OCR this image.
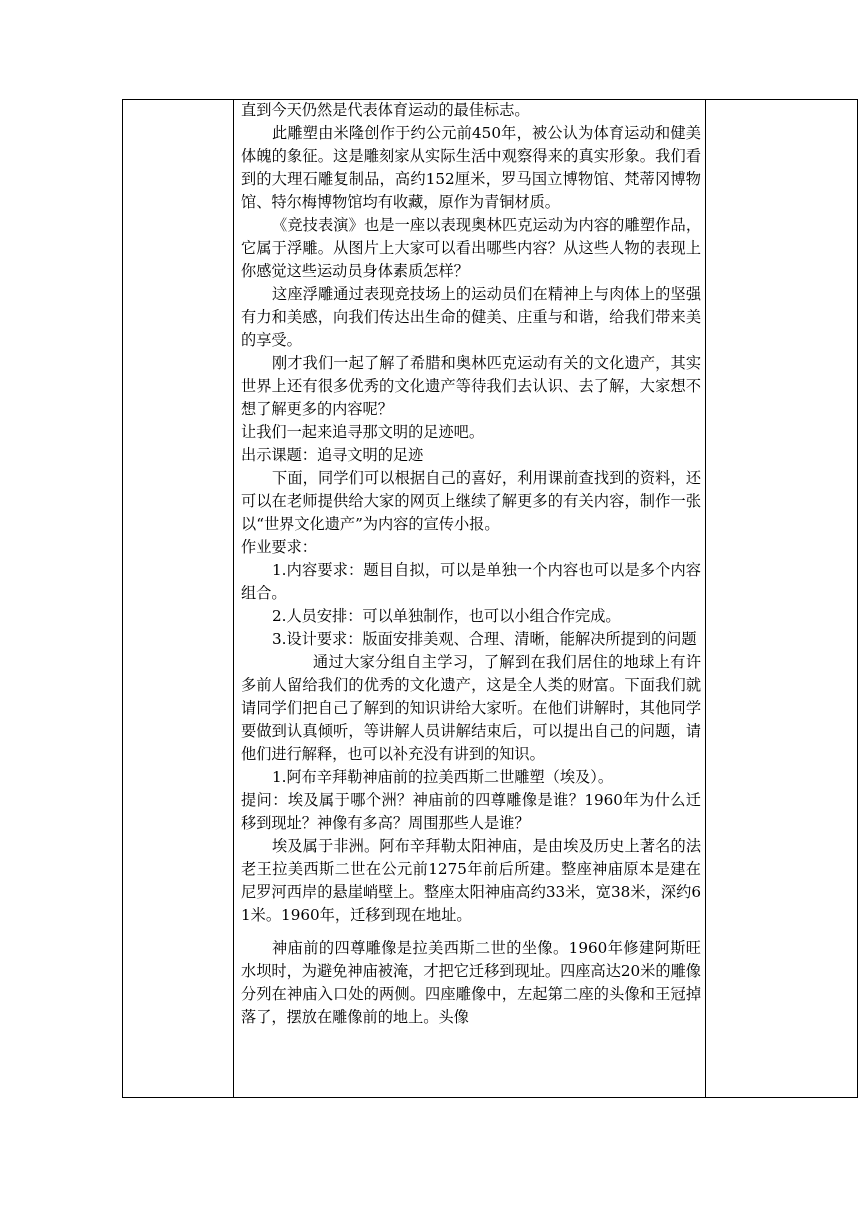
直到今天仍然是代表体育运动的最佳标志。

此雕塑由米隆创作于约公元前450年，被公认为体育运动和健美体魄的象征。这是雕刻家从实际生活中观察得来的真实形象。我们看到的大理石雕复制品，高约152厘米，罗马国立博物馆、梵蒂冈博物馆、特尔梅博物馆均有收藏，原作为青铜材质。

《竞技表演》也是一座以表现奥林匹克运动为内容的雕塑作品，它属于浮雕。从图片上大家可以看出哪些内容？从这些人物的表现上你感觉这些运动员身体素质怎样？

这座浮雕通过表现竞技场上的运动员们在精神上与肉体上的坚强有力和美感，向我们传达出生命的健美、庄重与和谐，给我们带来美的享受。

刚才我们一起了解了希腊和奥林匹克运动有关的文化遗产，其实世界上还有很多优秀的文化遗产等待我们去认识、去了解，大家想不想了解更多的内容呢？

让我们一起来追寻那文明的足迹吧。

出示课题：追寻文明的足迹

下面，同学们可以根据自己的喜好，利用课前查找到的资料，还可以在老师提供给大家的网页上继续了解更多的有关内容，制作一张以“世界文化遗产”为内容的宣传小报。

作业要求：

1.内容要求：题目自拟，可以是单独一个内容也可以是多个内容组合。

2.人员安排：可以单独制作，也可以小组合作完成。

3.设计要求：版面安排美观、合理、清晰，能解决所提到的问题

通过大家分组自主学习，了解到在我们居住的地球上有许多前人留给我们的优秀的文化遗产，这是全人类的财富。下面我们就请同学们把自己了解到的知识讲给大家听。在他们讲解时，其他同学要做到认真倾听，等讲解人员讲解结束后，可以提出自己的问题，请他们进行解释，也可以补充没有讲到的知识。

1.阿布辛拜勒神庙前的拉美西斯二世雕塑（埃及）。

提问：埃及属于哪个洲？神庙前的四尊雕像是谁？1960年为什么迁移到现址？神像有多高？周围那些人是谁？

埃及属于非洲。阿布辛拜勒太阳神庙，是由埃及历史上著名的法老王拉美西斯二世在公元前1275年前后所建。整座神庙原本是建在尼罗河西岸的悬崖峭壁上。整座太阳神庙高约33米，宽38米，深约61米。1960年，迁移到现在地址。

神庙前的四尊雕像是拉美西斯二世的坐像。1960年修建阿斯旺水坝时，为避免神庙被淹，才把它迁移到现址。四座高达20米的雕像分列在神庙入口处的两侧。四座雕像中，左起第二座的头像和王冠掉落了，摆放在雕像前的地上。头像
